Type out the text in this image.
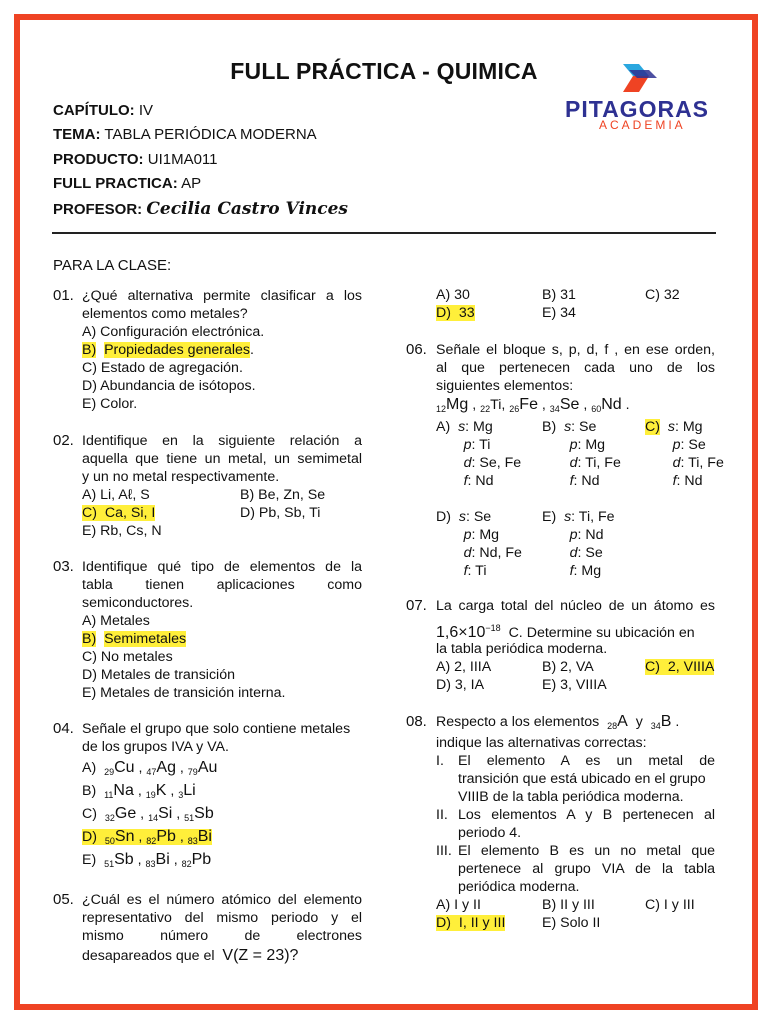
FULL PRÁCTICA - QUIMICA
CAPÍTULO: IV
TEMA: TABLA PERIÓDICA MODERNA
PRODUCTO: UI1MA011
FULL PRACTICA: AP
PROFESOR: Cecilia Castro Vinces
PITAGORAS
ACADEMIA
PARA LA CLASE:
01. ¿Qué alternativa permite clasificar a los
elementos como metales?
A) Configuración electrónica.
B) Propiedades generales.
C) Estado de agregación.
D) Abundancia de isótopos.
E) Color.
02. Identifique en la siguiente relación a
aquella que tiene un metal, un semimetal
y un no metal respectivamente.
A) Li, Aℓ, S	B) Be, Zn, Se
C) Ca, Si, I	D) Pb, Sb, Ti
E) Rb, Cs, N
03. Identifique qué tipo de elementos de la
tabla tienen aplicaciones como
semiconductores.
A) Metales
B) Semimetales
C) No metales
D) Metales de transición
E) Metales de transición interna.
04. Señale el grupo que solo contiene metales
de los grupos IVA y VA.
A) $_{29}$Cu , $_{47}$Ag , $_{79}$Au
B) $_{11}$Na , $_{19}$K , $_3$Li
C) $_{32}$Ge , $_{14}$Si , $_{51}$Sb
D) $_{50}$Sn , $_{82}$Pb , $_{83}$Bi
E) $_{51}$Sb , $_{83}$Bi , $_{82}$Pb
05. ¿Cuál es el número atómico del elemento
representativo del mismo periodo y el
mismo número de electrones
desapareados que el V(Z = 23)?
A) 30	B) 31	C) 32
D) 33	E) 34
06. Señale el bloque s, p, d, f , en ese orden,
al que pertenecen cada uno de los
siguientes elementos:
$_{12}$Mg , $_{22}$Ti, $_{26}$Fe , $_{34}$Se , $_{60}$Nd .
A)  s: Mg
p: Ti
d: Se, Fe
f: Nd
B)  s: Se
p: Mg
d: Ti, Fe
f: Nd
C) s: Mg
p: Se
d: Ti, Fe
f: Nd
D)  s: Se
p: Mg
d: Nd, Fe
f: Ti
E)  s: Ti, Fe
p: Nd
d: Se
f: Mg
07. La carga total del núcleo de un átomo es
$1,6\times 10^{-18}$ C. Determine su ubicación en
la tabla periódica moderna.
A) 2, IIIA	B) 2, VA	C) 2, VIIIA
D) 3, IA	E) 3, VIIIA
08. Respecto a los elementos $_{28}$A  y  $_{34}$B .
indique las alternativas correctas:
I. El elemento A es un metal de
transición que está ubicado en el grupo
VIIIB de la tabla periódica moderna.
II. Los elementos A y B pertenecen al
periodo 4.
III. El elemento B es un no metal que
pertenece al grupo VIA de la tabla
periódica moderna.
A) I y II	B) II y III	C) I y III
D) I, II y III	E) Solo II
